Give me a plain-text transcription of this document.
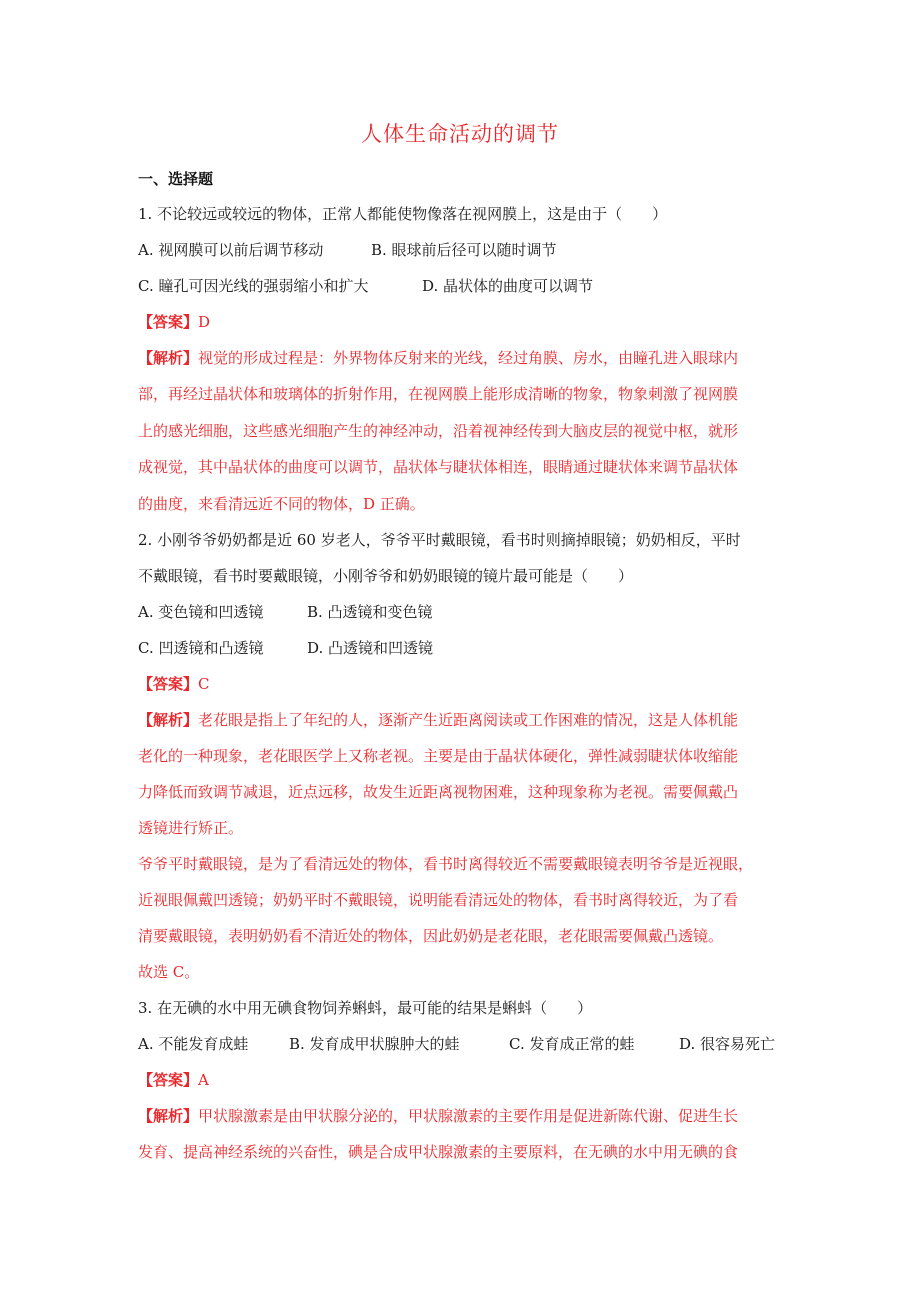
人体生命活动的调节
一、选择题
1. 不论较远或较远的物体，正常人都能使物像落在视网膜上，这是由于（　　）
A. 视网膜可以前后调节移动	B. 眼球前后径可以随时调节
C. 瞳孔可因光线的强弱缩小和扩大	D. 晶状体的曲度可以调节
【答案】D
【解析】视觉的形成过程是：外界物体反射来的光线，经过角膜、房水，由瞳孔进入眼球内
部，再经过晶状体和玻璃体的折射作用，在视网膜上能形成清晰的物象，物象刺激了视网膜
上的感光细胞，这些感光细胞产生的神经冲动，沿着视神经传到大脑皮层的视觉中枢，就形
成视觉，其中晶状体的曲度可以调节，晶状体与睫状体相连，眼睛通过睫状体来调节晶状体
的曲度，来看清远近不同的物体，D 正确。
2. 小刚爷爷奶奶都是近 60 岁老人，爷爷平时戴眼镜，看书时则摘掉眼镜；奶奶相反，平时
不戴眼镜，看书时要戴眼镜，小刚爷爷和奶奶眼镜的镜片最可能是（　　）
A. 变色镜和凹透镜	B. 凸透镜和变色镜
C. 凹透镜和凸透镜	D. 凸透镜和凹透镜
【答案】C
【解析】老花眼是指上了年纪的人，逐渐产生近距离阅读或工作困难的情况，这是人体机能
老化的一种现象，老花眼医学上又称老视。主要是由于晶状体硬化，弹性减弱睫状体收缩能
力降低而致调节减退，近点远移，故发生近距离视物困难，这种现象称为老视。需要佩戴凸
透镜进行矫正。
爷爷平时戴眼镜，是为了看清远处的物体，看书时离得较近不需要戴眼镜表明爷爷是近视眼，
近视眼佩戴凹透镜；奶奶平时不戴眼镜，说明能看清远处的物体，看书时离得较近，为了看
清要戴眼镜，表明奶奶看不清近处的物体，因此奶奶是老花眼，老花眼需要佩戴凸透镜。
故选 C。
3. 在无碘的水中用无碘食物饲养蝌蚪，最可能的结果是蝌蚪（　　）
A. 不能发育成蛙	B. 发育成甲状腺肿大的蛙	C. 发育成正常的蛙	D. 很容易死亡
【答案】A
【解析】甲状腺激素是由甲状腺分泌的，甲状腺激素的主要作用是促进新陈代谢、促进生长
发育、提高神经系统的兴奋性，碘是合成甲状腺激素的主要原料，在无碘的水中用无碘的食
